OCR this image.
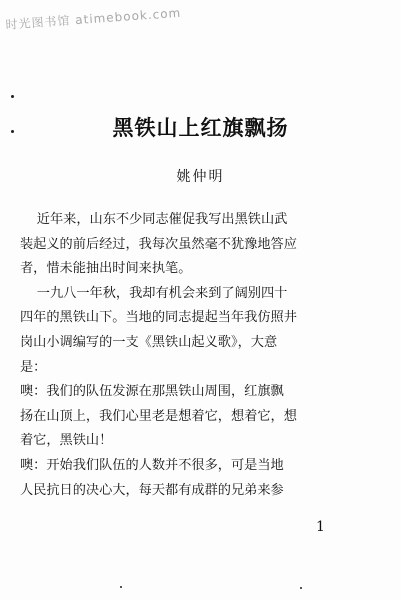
时光图书馆 atimebook.com
黑铁山上红旗飘扬
姚仲明
近年来，山东不少同志催促我写出黑铁山武
装起义的前后经过，我每次虽然毫不犹豫地答应
者，惜未能抽出时间来执笔。
一九八一年秋，我却有机会来到了阔别四十
四年的黑铁山下。当地的同志提起当年我仿照井
岗山小调编写的一支《黑铁山起义歌》，大意
是：
噢：我们的队伍发源在那黑铁山周围，红旗飘
扬在山顶上，我们心里老是想着它，想着它，想
着它，黑铁山！
噢：开始我们队伍的人数并不很多，可是当地
人民抗日的决心大，每天都有成群的兄弟来参
1
